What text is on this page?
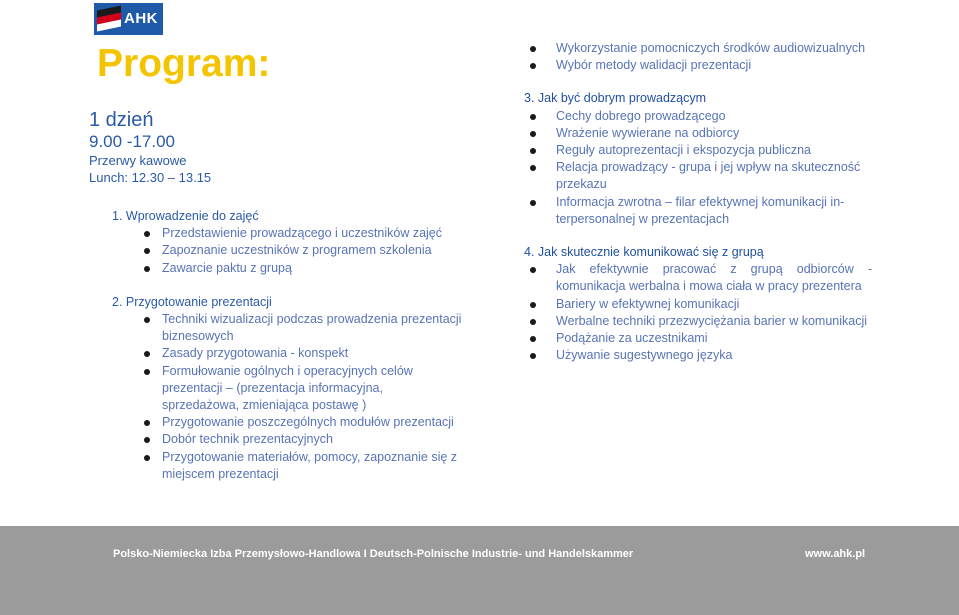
AHK
Program:
1 dzień
9.00 -17.00
Przerwy kawowe
Lunch: 12.30 – 13.15
1. Wprowadzenie do zajęć
Przedstawienie prowadzącego i uczestników zajęć
Zapoznanie uczestników z programem szkolenia
Zawarcie paktu z grupą
2. Przygotowanie prezentacji
Techniki wizualizacji podczas prowadzenia prezentacji biznesowych
Zasady przygotowania - konspekt
Formułowanie ogólnych i operacyjnych celów prezentacji – (prezentacja informacyjna, sprzedażowa, zmieniająca postawę )
Przygotowanie poszczególnych modułów prezentacji
Dobór technik prezentacyjnych
Przygotowanie materiałów, pomocy, zapoznanie się z miejscem prezentacji
Wykorzystanie pomocniczych środków audiowizualnych
Wybór metody walidacji prezentacji
3. Jak być dobrym prowadzącym
Cechy dobrego prowadzącego
Wrażenie wywierane na odbiorcy
Reguły autoprezentacji i ekspozycja publiczna
Relacja prowadzący - grupa i jej wpływ na skuteczność przekazu
Informacja zwrotna – filar efektywnej komunikacji in-terpersonalnej w prezentacjach
4. Jak skutecznie komunikować się z grupą
Jak efektywnie pracować z grupą odbiorców - komunikacja werbalna i mowa ciała w pracy prezentera
Bariery w efektywnej komunikacji
Werbalne techniki przezwyciężania barier w komunikacji
Podążanie za uczestnikami
Używanie sugestywnego języka
Polsko-Niemiecka Izba Przemysłowo-Handlowa I Deutsch-Polnische Industrie- und Handelskammer	www.ahk.pl
